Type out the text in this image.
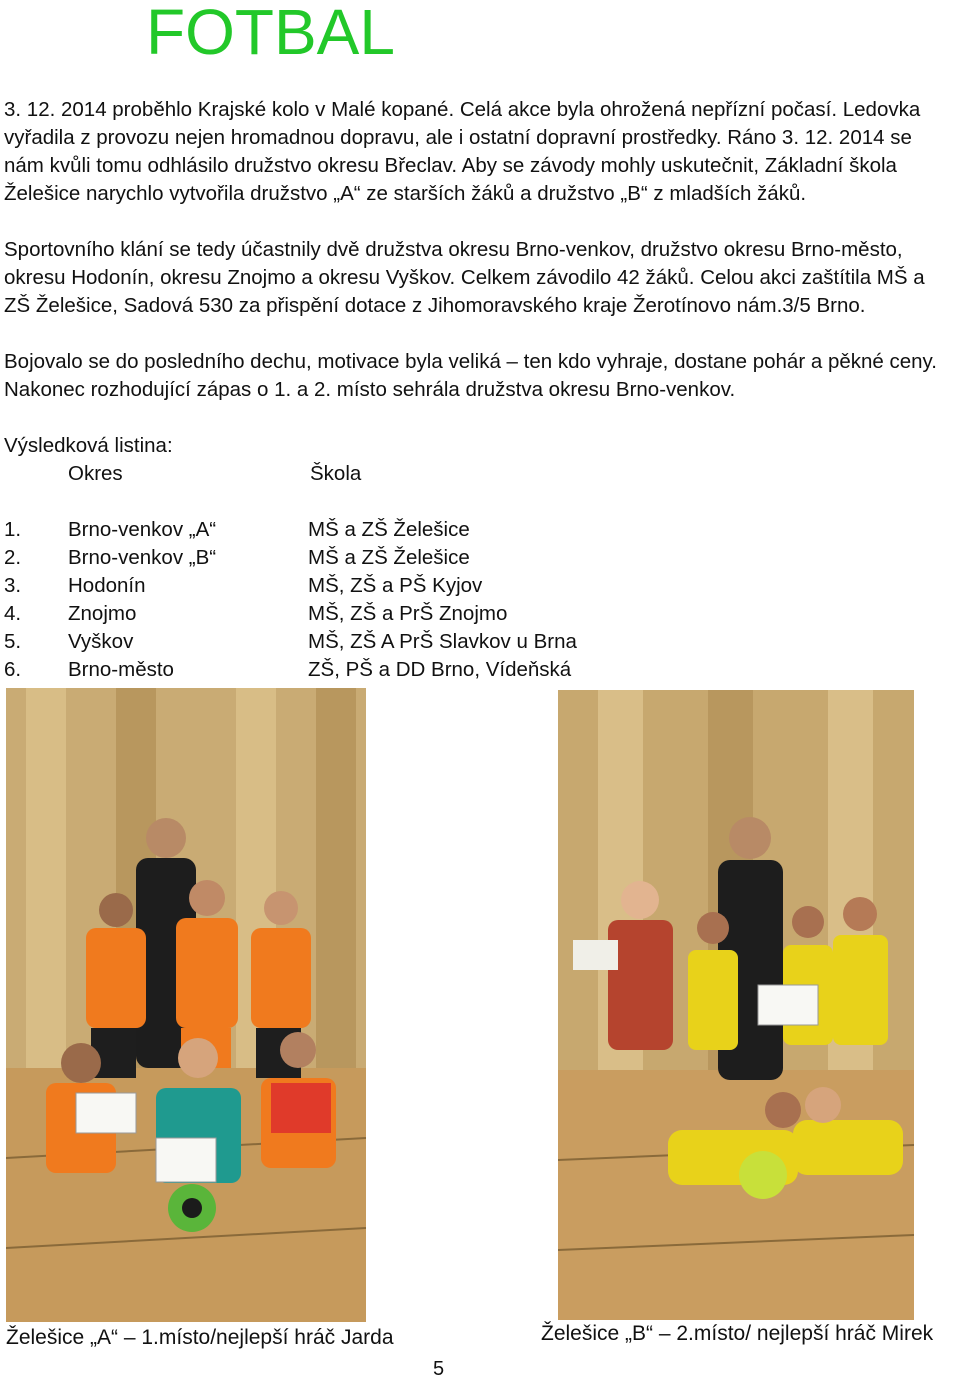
FOTBAL

3. 12. 2014 proběhlo Krajské kolo v Malé kopané. Celá akce byla ohrožená nepřízní počasí. Ledovka vyřadila z provozu nejen hromadnou dopravu, ale i ostatní dopravní prostředky. Ráno 3. 12. 2014 se nám kvůli tomu odhlásilo družstvo okresu Břeclav. Aby se závody mohly uskutečnit, Základní škola Želešice narychlo vytvořila družstvo „A“ ze starších žáků a družstvo „B“ z mladších žáků.

Sportovního klání se tedy účastnily dvě družstva okresu Brno-venkov, družstvo okresu Brno-město, okresu Hodonín, okresu Znojmo a okresu Vyškov. Celkem závodilo 42 žáků. Celou akci zaštítila MŠ a ZŠ Želešice, Sadová 530 za přispění dotace z Jihomoravského kraje Žerotínovo nám.3/5 Brno.

Bojovalo se do posledního dechu, motivace byla veliká – ten kdo vyhraje, dostane pohár a pěkné ceny. Nakonec rozhodující zápas o 1. a 2. místo sehrála družstva okresu Brno-venkov.

Výsledková listina:
Okres	Škola
1. Brno-venkov „A“	MŠ a ZŠ Želešice
2. Brno-venkov „B“	MŠ a ZŠ Želešice
3. Hodonín	MŠ, ZŠ a PŠ Kyjov
4. Znojmo	MŠ, ZŠ a PrŠ Znojmo
5. Vyškov	MŠ, ZŠ A PrŠ Slavkov u Brna
6. Brno-město	ZŠ, PŠ a DD Brno, Vídeňská
Želešice „A“ – 1.místo/nejlepší hráč Jarda	Želešice „B“ – 2.místo/ nejlepší hráč Mirek
5
